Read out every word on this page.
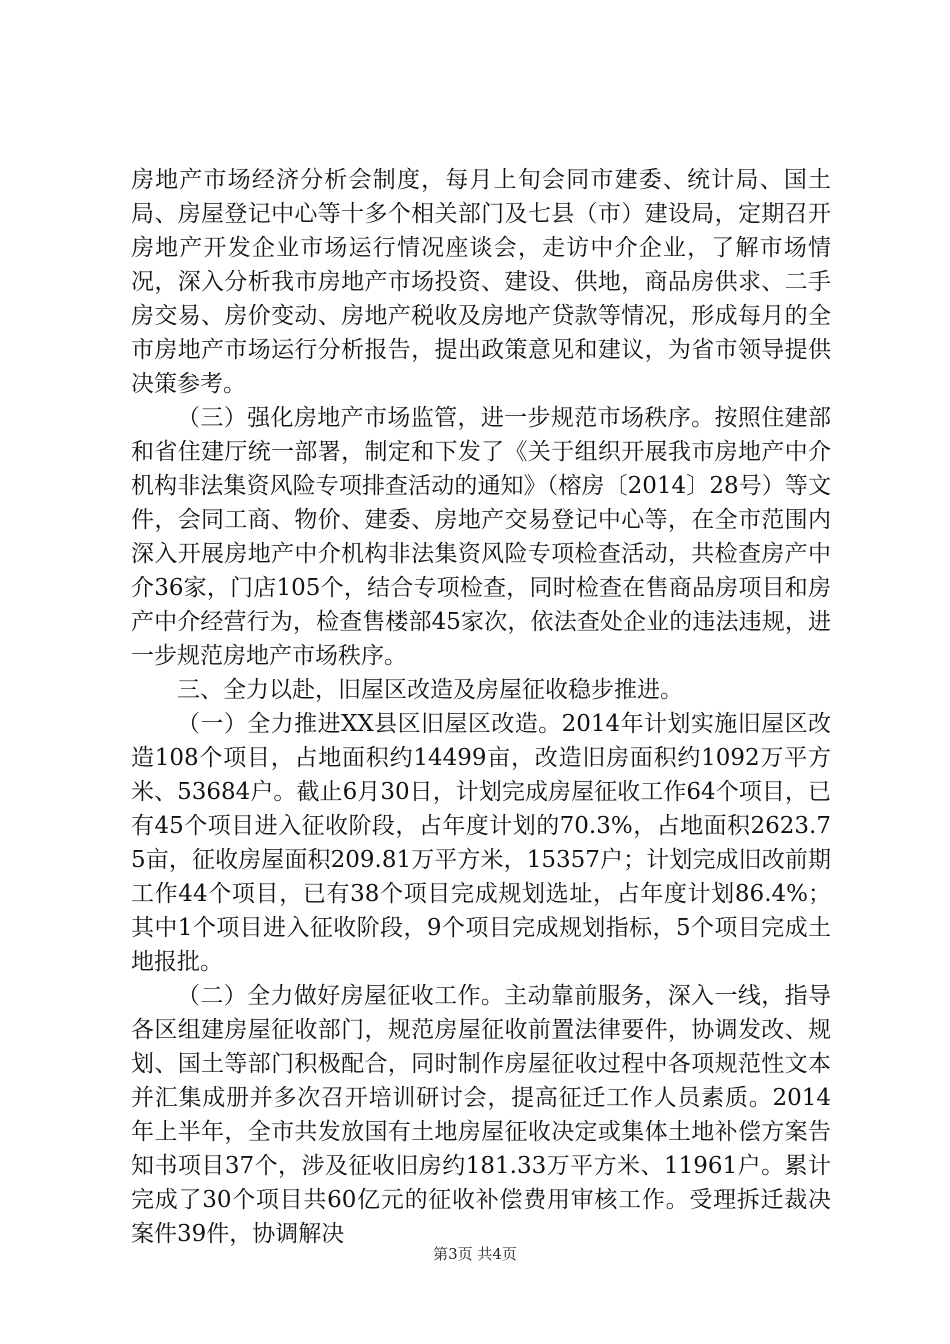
房地产市场经济分析会制度，每月上旬会同市建委、统计局、国土局、房屋登记中心等十多个相关部门及七县（市）建设局，定期召开房地产开发企业市场运行情况座谈会，走访中介企业，了解市场情况，深入分析我市房地产市场投资、建设、供地，商品房供求、二手房交易、房价变动、房地产税收及房地产贷款等情况，形成每月的全市房地产市场运行分析报告，提出政策意见和建议，为省市领导提供决策参考。

（三）强化房地产市场监管，进一步规范市场秩序。按照住建部和省住建厅统一部署，制定和下发了《关于组织开展我市房地产中介机构非法集资风险专项排查活动的通知》（榕房〔2014〕28号）等文件，会同工商、物价、建委、房地产交易登记中心等，在全市范围内深入开展房地产中介机构非法集资风险专项检查活动，共检查房产中介36家，门店105个，结合专项检查，同时检查在售商品房项目和房产中介经营行为，检查售楼部45家次，依法查处企业的违法违规，进一步规范房地产市场秩序。

三、全力以赴，旧屋区改造及房屋征收稳步推进。

（一）全力推进XX县区旧屋区改造。2014年计划实施旧屋区改造108个项目，占地面积约14499亩，改造旧房面积约1092万平方米、53684户。截止6月30日，计划完成房屋征收工作64个项目，已有45个项目进入征收阶段，占年度计划的70.3%，占地面积2623.75亩，征收房屋面积209.81万平方米，15357户；计划完成旧改前期工作44个项目，已有38个项目完成规划选址，占年度计划86.4%；其中1个项目进入征收阶段，9个项目完成规划指标，5个项目完成土地报批。

（二）全力做好房屋征收工作。主动靠前服务，深入一线，指导各区组建房屋征收部门，规范房屋征收前置法律要件，协调发改、规划、国土等部门积极配合，同时制作房屋征收过程中各项规范性文本并汇集成册并多次召开培训研讨会，提高征迁工作人员素质。2014年上半年，全市共发放国有土地房屋征收决定或集体土地补偿方案告知书项目37个，涉及征收旧房约181.33万平方米、11961户。累计完成了30个项目共60亿元的征收补偿费用审核工作。受理拆迁裁决案件39件，协调解决

第3页 共4页
